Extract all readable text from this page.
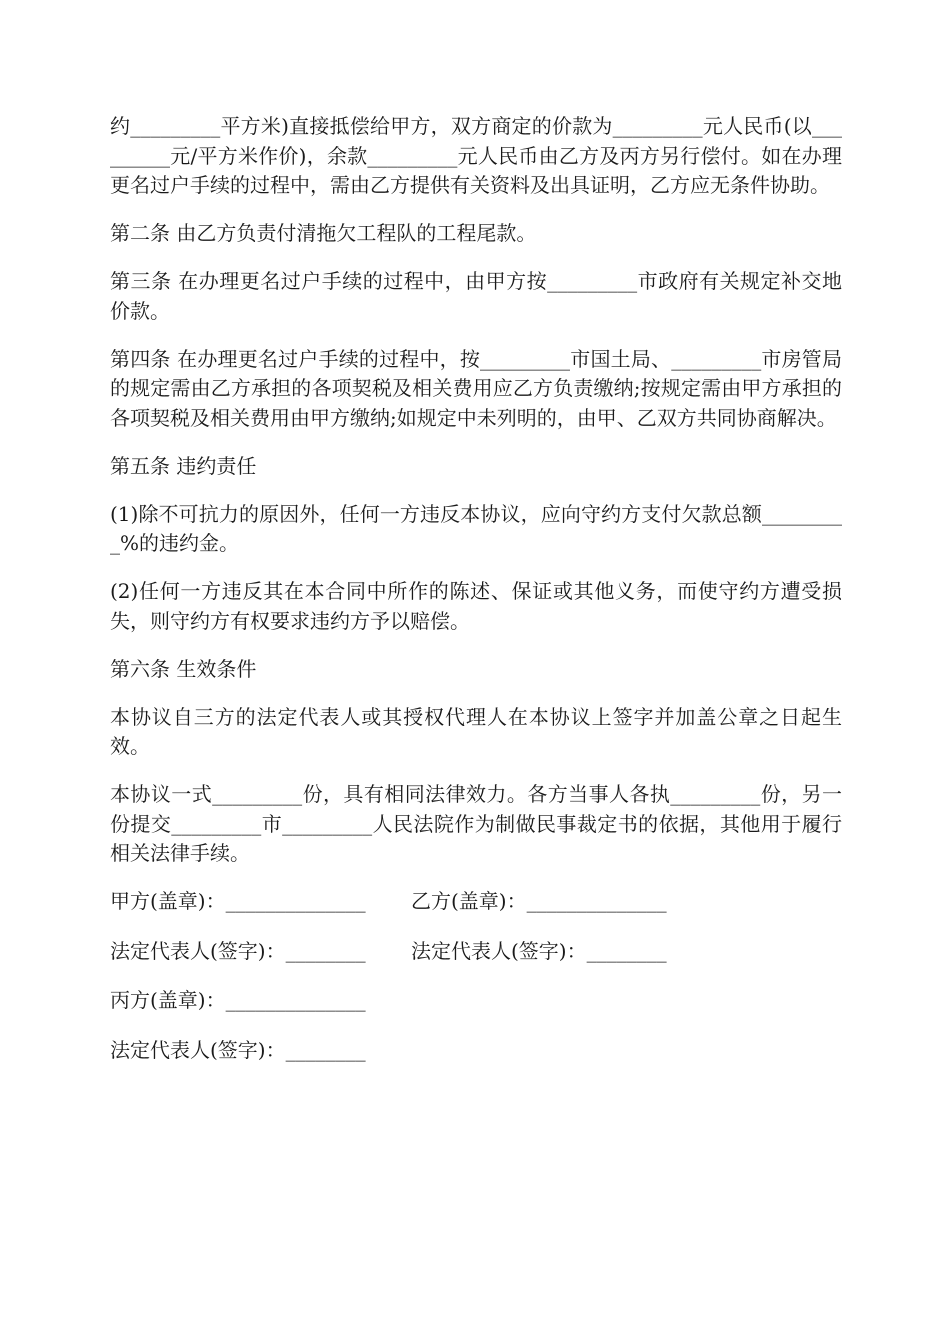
约_________平方米)直接抵偿给甲方，双方商定的价款为_________元人民币(以_________元/平方米作价)，余款_________元人民币由乙方及丙方另行偿付。如在办理更名过户手续的过程中，需由乙方提供有关资料及出具证明，乙方应无条件协助。

第二条 由乙方负责付清拖欠工程队的工程尾款。

第三条 在办理更名过户手续的过程中，由甲方按_________市政府有关规定补交地价款。

第四条 在办理更名过户手续的过程中，按_________市国土局、_________市房管局的规定需由乙方承担的各项契税及相关费用应乙方负责缴纳;按规定需由甲方承担的各项契税及相关费用由甲方缴纳;如规定中未列明的，由甲、乙双方共同协商解决。

第五条 违约责任

(1)除不可抗力的原因外，任何一方违反本协议，应向守约方支付欠款总额_________%的违约金。

(2)任何一方违反其在本合同中所作的陈述、保证或其他义务，而使守约方遭受损失，则守约方有权要求违约方予以赔偿。

第六条 生效条件

本协议自三方的法定代表人或其授权代理人在本协议上签字并加盖公章之日起生效。

本协议一式_________份，具有相同法律效力。各方当事人各执_________份，另一份提交_________市_________人民法院作为制做民事裁定书的依据，其他用于履行相关法律手续。

甲方(盖章)：______________ 乙方(盖章)：______________
法定代表人(签字)：________ 法定代表人(签字)：________
丙方(盖章)：______________
法定代表人(签字)：________
